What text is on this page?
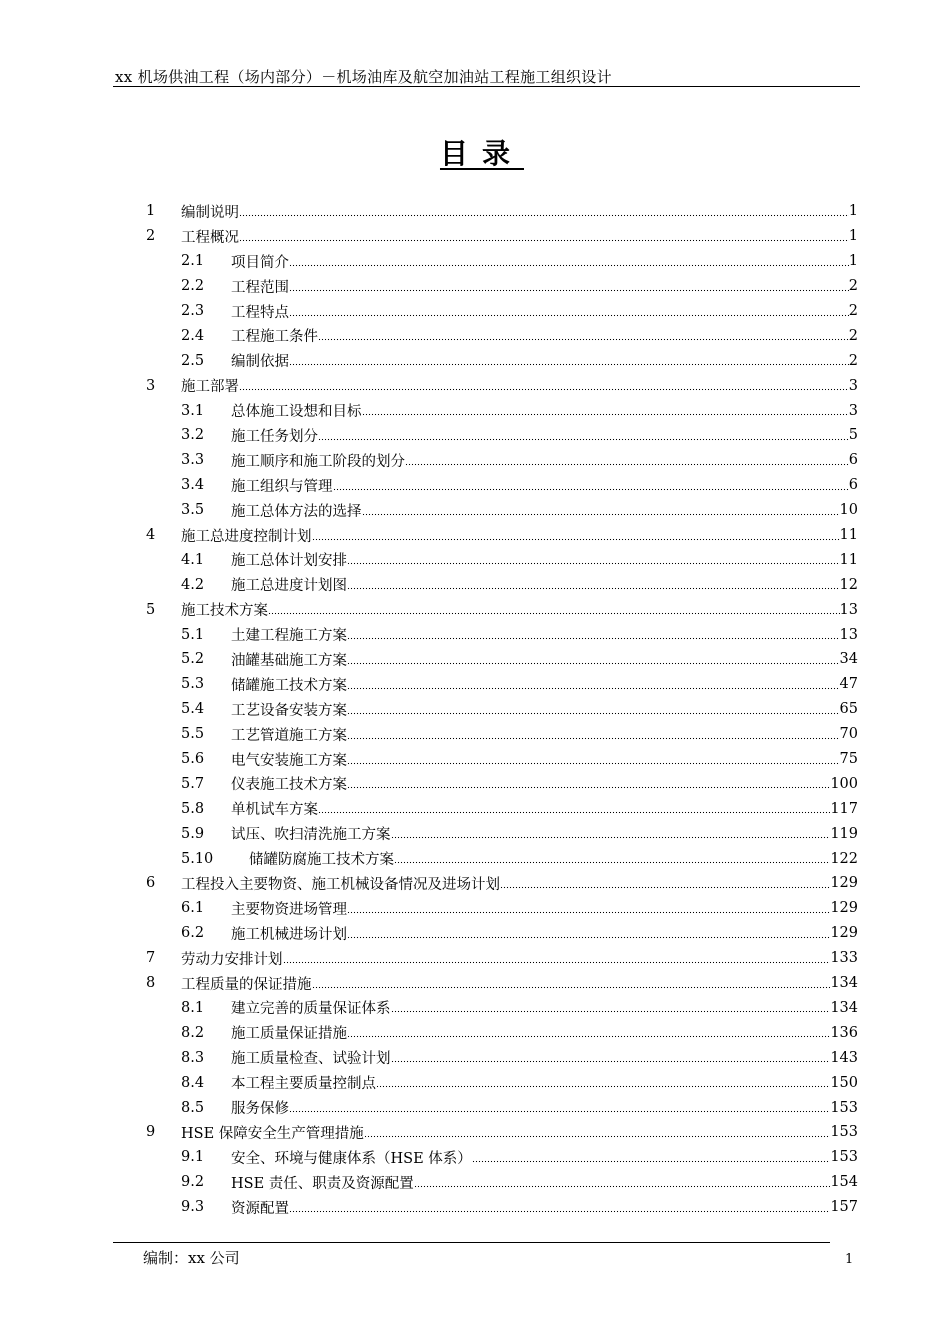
xx 机场供油工程（场内部分）－机场油库及航空加油站工程施工组织设计
目录
1	编制说明	1
2	工程概况	1
2.1	项目简介	1
2.2	工程范围	2
2.3	工程特点	2
2.4	工程施工条件	2
2.5	编制依据	2
3	施工部署	3
3.1	总体施工设想和目标	3
3.2	施工任务划分	5
3.3	施工顺序和施工阶段的划分	6
3.4	施工组织与管理	6
3.5	施工总体方法的选择	10
4	施工总进度控制计划	11
4.1	施工总体计划安排	11
4.2	施工总进度计划图	12
5	施工技术方案	13
5.1	土建工程施工方案	13
5.2	油罐基础施工方案	34
5.3	储罐施工技术方案	47
5.4	工艺设备安装方案	65
5.5	工艺管道施工方案	70
5.6	电气安装施工方案	75
5.7	仪表施工技术方案	100
5.8	单机试车方案	117
5.9	试压、吹扫清洗施工方案	119
5.10	储罐防腐施工技术方案	122
6	工程投入主要物资、施工机械设备情况及进场计划	129
6.1	主要物资进场管理	129
6.2	施工机械进场计划	129
7	劳动力安排计划	133
8	工程质量的保证措施	134
8.1	建立完善的质量保证体系	134
8.2	施工质量保证措施	136
8.3	施工质量检查、试验计划	143
8.4	本工程主要质量控制点	150
8.5	服务保修	153
9	HSE 保障安全生产管理措施	153
9.1	安全、环境与健康体系（HSE 体系）	153
9.2	HSE 责任、职责及资源配置	154
9.3	资源配置	157
编制：xx 公司	1
